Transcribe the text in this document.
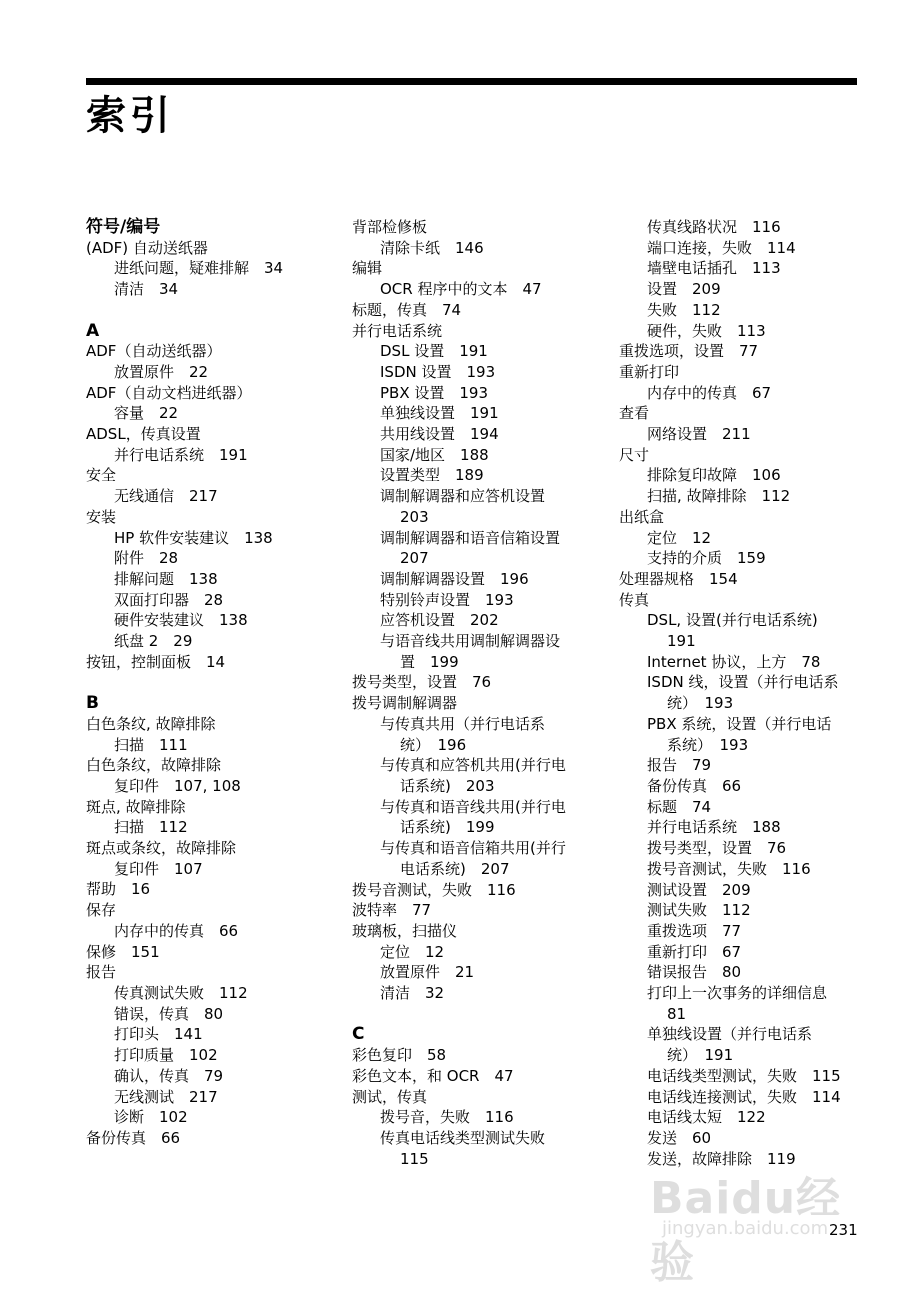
索引
符号/编号
(ADF) 自动送纸器
进纸问题，疑难排解　34
清洁　34
A
ADF（自动送纸器）
放置原件　22
ADF（自动文档进纸器）
容量　22
ADSL，传真设置
并行电话系统　191
安全
无线通信　217
安装
HP 软件安装建议　138
附件　28
排解问题　138
双面打印器　28
硬件安装建议　138
纸盘 2　29
按钮，控制面板　14
B
白色条纹, 故障排除
扫描　111
白色条纹，故障排除
复印件　107, 108
斑点, 故障排除
扫描　112
斑点或条纹，故障排除
复印件　107
帮助　16
保存
内存中的传真　66
保修　151
报告
传真测试失败　112
错误，传真　80
打印头　141
打印质量　102
确认，传真　79
无线测试　217
诊断　102
备份传真　66
背部检修板
清除卡纸　146
编辑
OCR 程序中的文本　47
标题，传真　74
并行电话系统
DSL 设置　191
ISDN 设置　193
PBX 设置　193
单独线设置　191
共用线设置　194
国家/地区　188
设置类型　189
调制解调器和应答机设置
203
调制解调器和语音信箱设置
207
调制解调器设置　196
特别铃声设置　193
应答机设置　202
与语音线共用调制解调器设
置　199
拨号类型，设置　76
拨号调制解调器
与传真共用（并行电话系
统）　196
与传真和应答机共用(并行电
话系统)　203
与传真和语音线共用(并行电
话系统)　199
与传真和语音信箱共用(并行
电话系统)　207
拨号音测试，失败　116
波特率　77
玻璃板，扫描仪
定位　12
放置原件　21
清洁　32
C
彩色复印　58
彩色文本，和 OCR　47
测试，传真
拨号音，失败　116
传真电话线类型测试失败
115
传真线路状况　116
端口连接，失败　114
墙壁电话插孔　113
设置　209
失败　112
硬件，失败　113
重拨选项，设置　77
重新打印
内存中的传真　67
查看
网络设置　211
尺寸
排除复印故障　106
扫描, 故障排除　112
出纸盒
定位　12
支持的介质　159
处理器规格　154
传真
DSL, 设置(并行电话系统)
191
Internet 协议，上方　78
ISDN 线，设置（并行电话系
统）　193
PBX 系统，设置（并行电话
系统）　193
报告　79
备份传真　66
标题　74
并行电话系统　188
拨号类型，设置　76
拨号音测试，失败　116
测试设置　209
测试失败　112
重拨选项　77
重新打印　67
错误报告　80
打印上一次事务的详细信息
81
单独线设置（并行电话系
统）　191
电话线类型测试，失败　115
电话线连接测试，失败　114
电话线太短　122
发送　60
发送，故障排除　119
Baidu经验
jingyan.baidu.com 231
